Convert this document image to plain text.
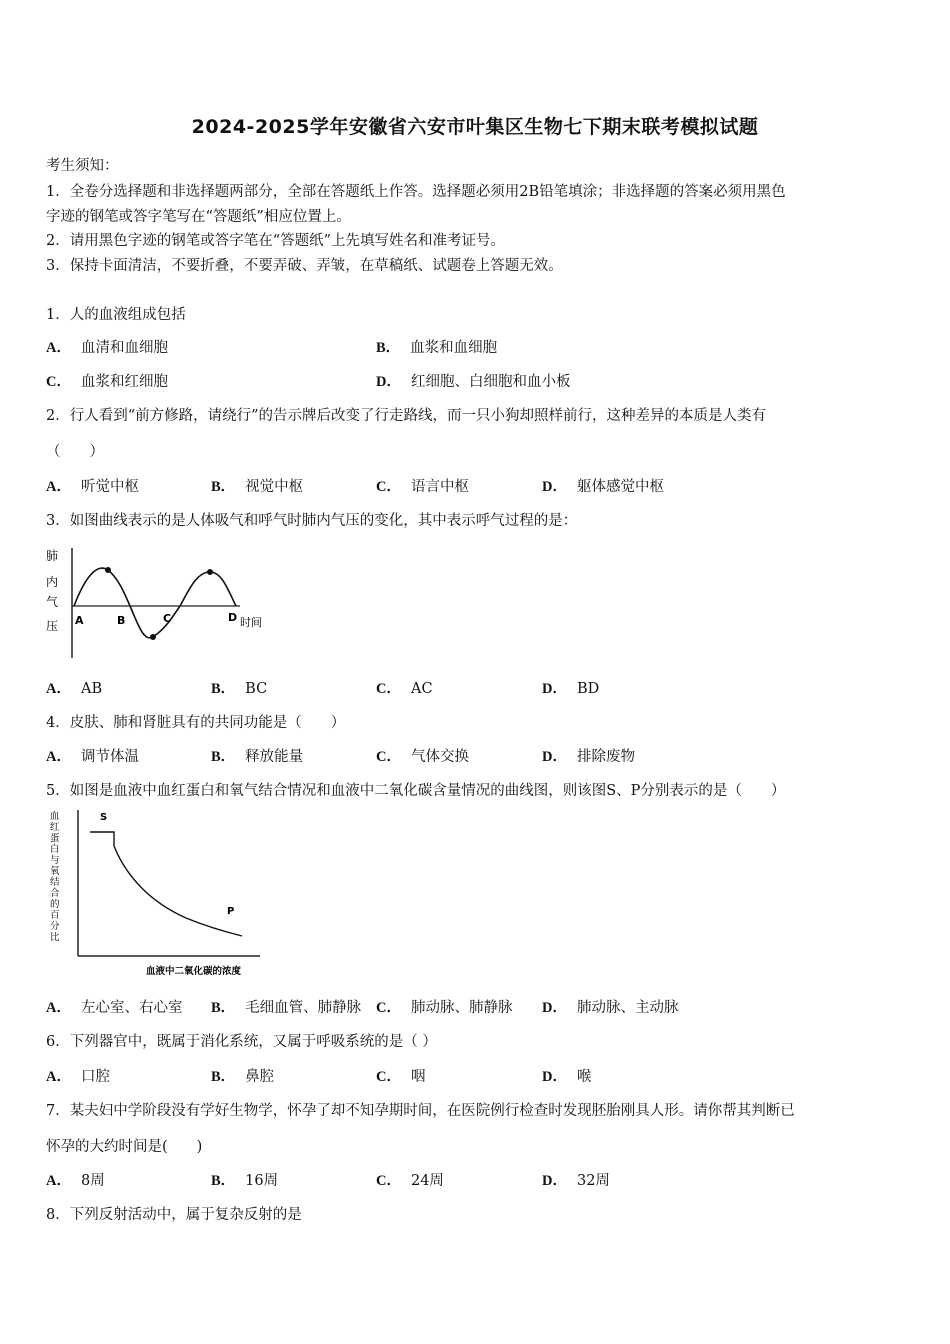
2024-2025学年安徽省六安市叶集区生物七下期末联考模拟试题
考生须知：
1．全卷分选择题和非选择题两部分，全部在答题纸上作答。选择题必须用2B铅笔填涂；非选择题的答案必须用黑色
字迹的钢笔或答字笔写在“答题纸”相应位置上。
2．请用黑色字迹的钢笔或答字笔在“答题纸”上先填写姓名和准考证号。
3．保持卡面清洁，不要折叠，不要弄破、弄皱，在草稿纸、试题卷上答题无效。
1．人的血液组成包括
A． 血清和血细胞	B． 血浆和血细胞
C． 血浆和红细胞	D． 红细胞、白细胞和血小板
2．行人看到“前方修路，请绕行”的告示牌后改变了行走路线，而一只小狗却照样前行，这种差异的本质是人类有
（　　）
A． 听觉中枢	B． 视觉中枢	C． 语言中枢	D． 躯体感觉中枢
3．如图曲线表示的是人体吸气和呼气时肺内气压的变化，其中表示呼气过程的是：
肺
内
气
压 A	B	C	D 时间
A． AB	B． BC	C． AC	D． BD
4．皮肤、肺和肾脏具有的共同功能是（　　）
A． 调节体温	B． 释放能量	C． 气体交换	D． 排除废物
5．如图是血液中血红蛋白和氧气结合情况和血液中二氧化碳含量情况的曲线图，则该图S、P分别表示的是（　　）
血
红
蛋
白
与
氧
结
合
的
百
分
比
S
P
血液中二氧化碳的浓度
A． 左心室、右心室 B． 毛细血管、肺静脉 C． 肺动脉、肺静脉 D． 肺动脉、主动脉
6．下列器官中，既属于消化系统，又属于呼吸系统的是（ ）
A． 口腔	B． 鼻腔	C． 咽	D． 喉
7．某夫妇中学阶段没有学好生物学，怀孕了却不知孕期时间，在医院例行检查时发现胚胎刚具人形。请你帮其判断已
怀孕的大约时间是(　　)
A． 8周	B． 16周	C． 24周	D． 32周
8．下列反射活动中，属于复杂反射的是
